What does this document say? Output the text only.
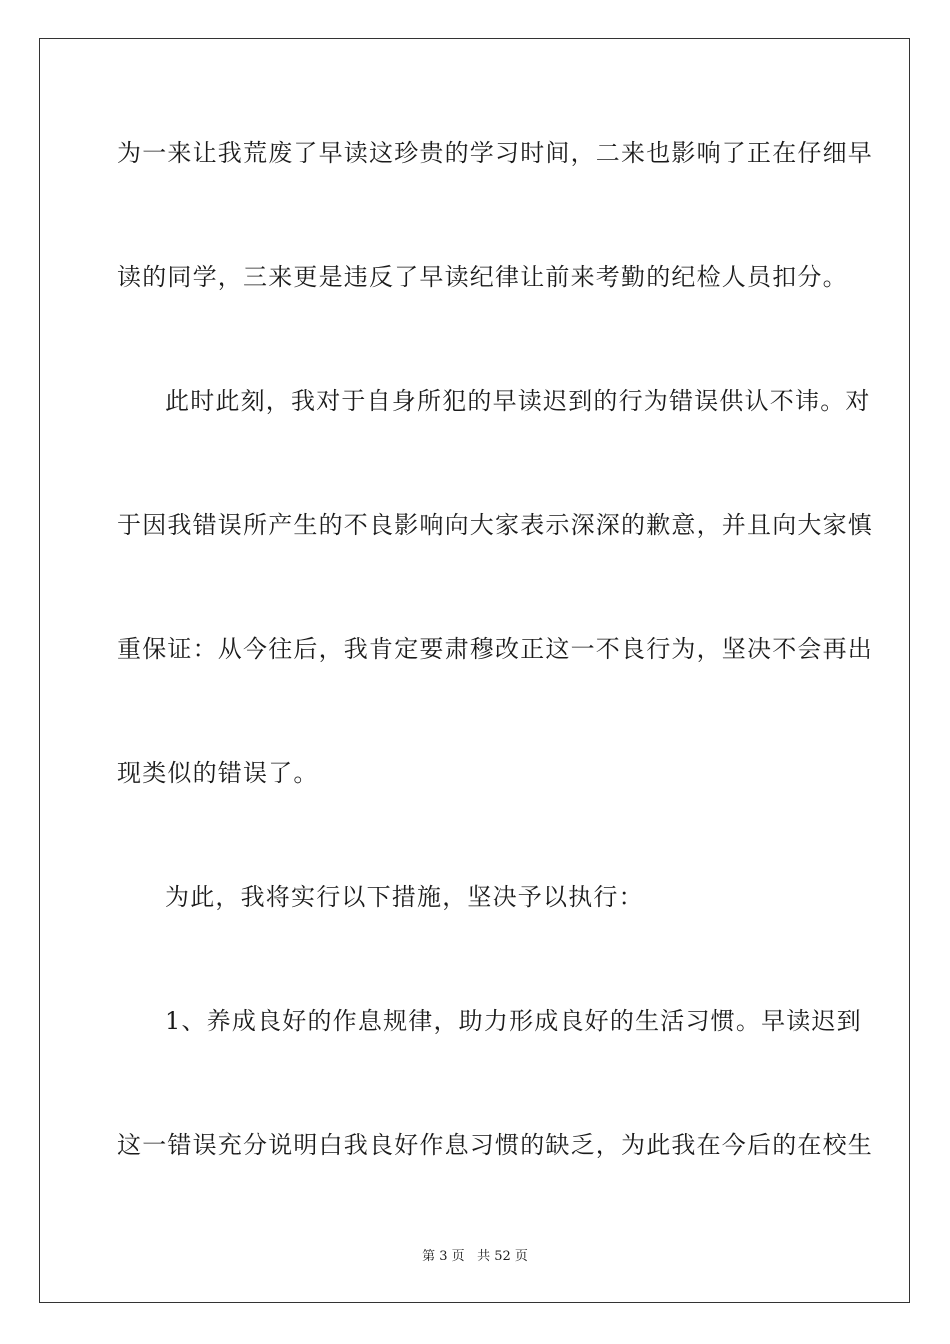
为一来让我荒废了早读这珍贵的学习时间，二来也影响了正在仔细早
读的同学，三来更是违反了早读纪律让前来考勤的纪检人员扣分。
此时此刻，我对于自身所犯的早读迟到的行为错误供认不讳。对
于因我错误所产生的不良影响向大家表示深深的歉意，并且向大家慎
重保证：从今往后，我肯定要肃穆改正这一不良行为，坚决不会再出
现类似的错误了。
为此，我将实行以下措施，坚决予以执行：
1、养成良好的作息规律，助力形成良好的生活习惯。早读迟到
这一错误充分说明白我良好作息习惯的缺乏，为此我在今后的在校生
第 3 页 共 52 页
